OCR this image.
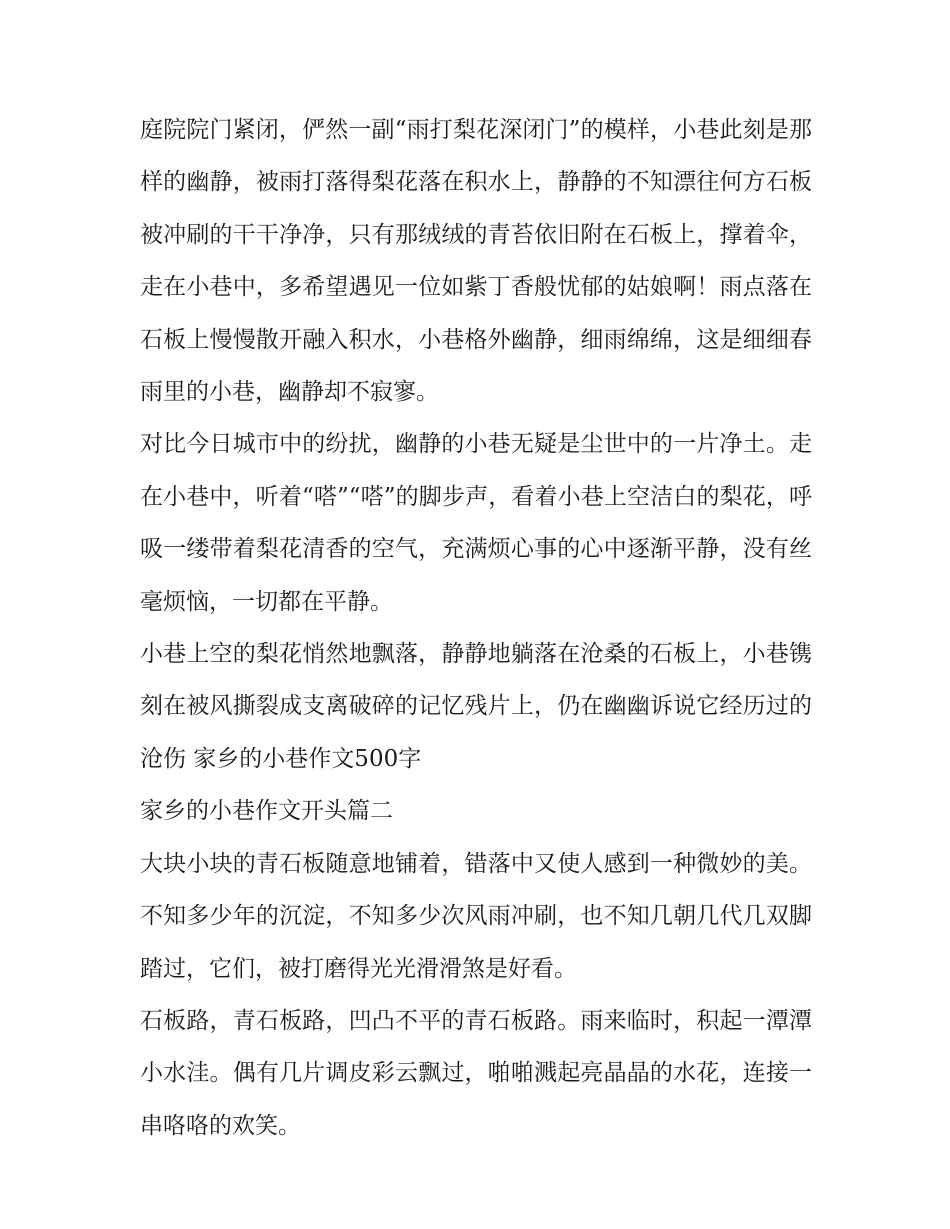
庭院院门紧闭，俨然一副“雨打梨花深闭门”的模样，小巷此刻是那样的幽静，被雨打落得梨花落在积水上，静静的不知漂往何方石板被冲刷的干干净净，只有那绒绒的青苔依旧附在石板上，撑着伞，走在小巷中，多希望遇见一位如紫丁香般忧郁的姑娘啊！雨点落在石板上慢慢散开融入积水，小巷格外幽静，细雨绵绵，这是细细春雨里的小巷，幽静却不寂寥。

对比今日城市中的纷扰，幽静的小巷无疑是尘世中的一片净土。走在小巷中，听着“嗒”“嗒”的脚步声，看着小巷上空洁白的梨花，呼吸一缕带着梨花清香的空气，充满烦心事的心中逐渐平静，没有丝毫烦恼，一切都在平静。

小巷上空的梨花悄然地飘落，静静地躺落在沧桑的石板上，小巷镌刻在被风撕裂成支离破碎的记忆残片上，仍在幽幽诉说它经历过的沧伤 家乡的小巷作文500字

家乡的小巷作文开头篇二

大块小块的青石板随意地铺着，错落中又使人感到一种微妙的美。不知多少年的沉淀，不知多少次风雨冲刷，也不知几朝几代几双脚踏过，它们，被打磨得光光滑滑煞是好看。

石板路，青石板路，凹凸不平的青石板路。雨来临时，积起一潭潭小水洼。偶有几片调皮彩云飘过，啪啪溅起亮晶晶的水花，连接一串咯咯的欢笑。
